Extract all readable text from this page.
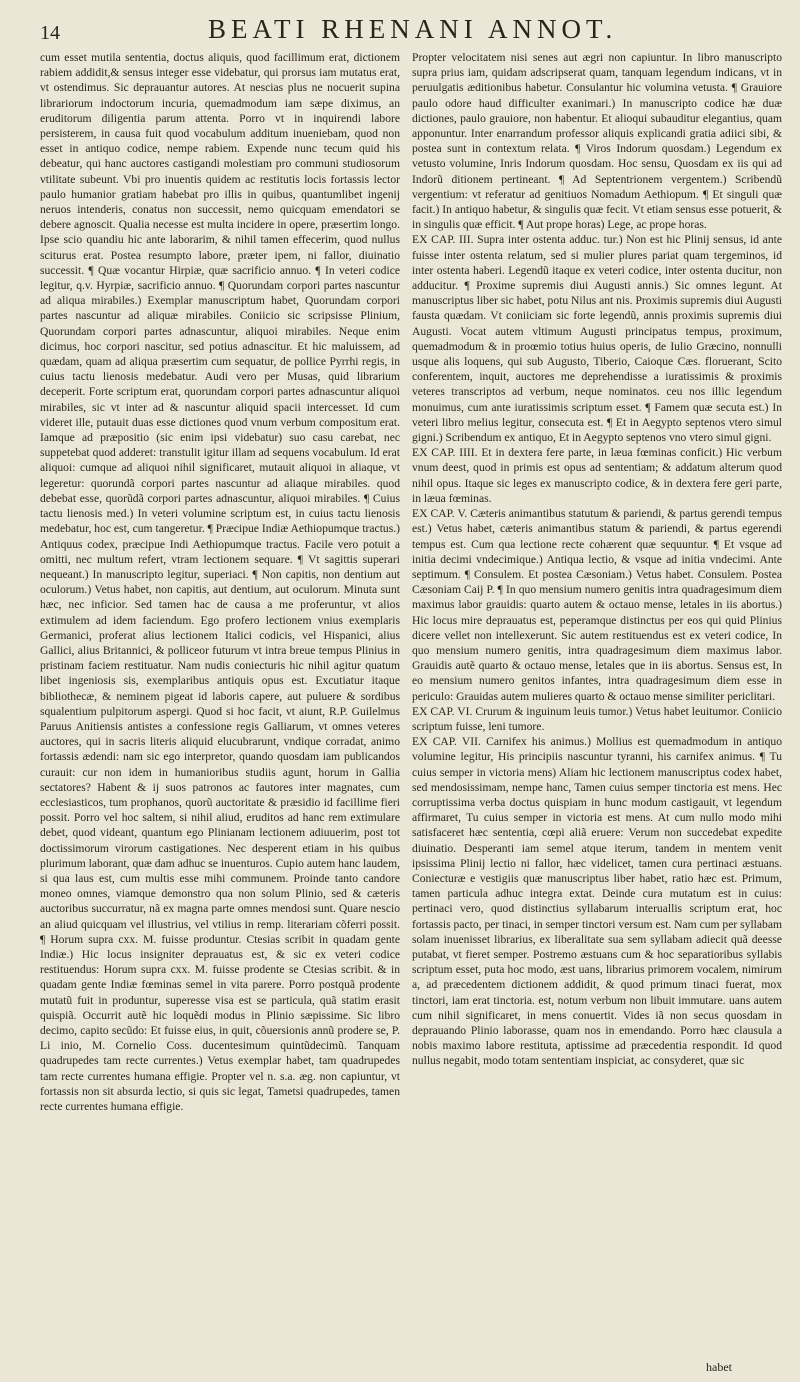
14	BEATI RHENANI ANNOT.

cum esset mutila sententia, doctus aliquis, quod facillimum erat, dictionem rabiem addidit,& sensus integer esse videbatur, qui prorsus iam mutatus erat, vt ostendimus. Sic deprauantur autores. At nescias plus ne nocuerit supina librariorum indoctorum incuria, quemadmodum iam sæpe diximus, an eruditorum diligentia parum attenta. Porro vt in inquirendi labore persisterem, in causa fuit quod vocabulum additum inueniebam, quod non esset in antiquo codice, nempe rabiem. Expende nunc tecum quid his debeatur, qui hanc auctores castigandi molestiam pro communi studiosorum vtilitate subeunt. Vbi pro inuentis quidem ac restitutis locis fortassis lector paulo humanior gratiam habebat pro illis in quibus, quantumlibet ingenij neruos intenderis, conatus non successit, nemo quicquam emendatori se debere agnoscit. Qualia necesse est multa incidere in opere, præsertim longo. Ipse scio quandiu hic ante laborarim, & nihil tamen effecerim, quod nullus sciturus erat. Postea resumpto labore, præter ipem, ni fallor, diuinatio successit. ¶ Quæ vocantur Hirpiæ, quæ sacrificio annuo. ¶ In veteri codice legitur, q.v. Hyrpiæ, sacrificio annuo. ¶ Quorundam corpori partes nascuntur ad aliqua mirabiles.) Exemplar manuscriptum habet, Quorundam corpori partes nascuntur ad aliquæ mirabiles. Coniicio sic scripsisse Plinium, Quorundam corpori partes adnascuntur, aliquoi mirabiles. Neque enim dicimus, hoc corpori nascitur, sed potius adnascitur. Et hic maluissem, ad quædam, quam ad aliqua præsertim cum sequatur, de pollice Pyrrhi regis, in cuius tactu lienosis medebatur. Audi vero per Musas, quid librarium deceperit. Forte scriptum erat, quorundam corpori partes adnascuntur aliquoi mirabiles, sic vt inter ad & nascuntur aliquid spacii intercesset. Id cum videret ille, putauit duas esse dictiones quod vnum verbum compositum erat. Iamque ad præpositio (sic enim ipsi videbatur) suo casu carebat, nec suppetebat quod adderet: transtulit igitur illam ad sequens vocabulum. Id erat aliquoi: cumque ad aliquoi nihil significaret, mutauit aliquoi in aliaque, vt legeretur: quorundã corpori partes nascuntur ad aliaque mirabiles. quod debebat esse, quorũdã corpori partes adnascuntur, aliquoi mirabiles. ¶ Cuius tactu lienosis med.) In veteri volumine scriptum est, in cuius tactu lienosis medebatur, hoc est, cum tangeretur. ¶ Præcipue Indiæ Aethiopumque tractus.) Antiquus codex, præcipue Indi Aethiopumque tractus. Facile vero potuit a omitti, nec multum refert, vtram lectionem sequare. ¶ Vt sagittis superari nequeant.) In manuscripto legitur, superiaci. ¶ Non capitis, non dentium aut oculorum.) Vetus habet, non capitis, aut dentium, aut oculorum. Minuta sunt hæc, nec inficior. Sed tamen hac de causa a me proferuntur, vt alios extimulem ad idem faciendum. Ego profero lectionem vnius exemplaris Germanici, proferat alius lectionem Italici codicis, vel Hispanici, alius Gallici, alius Britannici, & polliceor futurum vt intra breue tempus Plinius in pristinam faciem restituatur. Nam nudis coniecturis hic nihil agitur quatum libet ingeniosis sis, exemplaribus antiquis opus est. Excutiatur itaque bibliothecæ, & neminem pigeat id laboris capere, aut puluere & sordibus squalentium pulpitorum aspergi. Quod si hoc facit, vt aiunt, R.P. Guilelmus Paruus Anitiensis antistes a confessione regis Galliarum, vt omnes veteres auctores, qui in sacris literis aliquid elucubrarunt, vndique corradat, animo fortassis ædendi: nam sic ego interpretor, quando quosdam iam publicandos curauit: cur non idem in humanioribus studiis agunt, horum in Gallia sectatores? Habent & ij suos patronos ac fautores inter magnates, cum ecclesiasticos, tum prophanos, quorũ auctoritate & præsidio id facillime fieri possit. Porro vel hoc saltem, si nihil aliud, eruditos ad hanc rem extimulare debet, quod videant, quantum ego Plinianam lectionem adiuuerim, post tot doctissimorum virorum castigationes. Nec desperent etiam in his quibus plurimum laborant, quæ dam adhuc se inuenturos. Cupio autem hanc laudem, si qua laus est, cum multis esse mihi communem. Proinde tanto candore moneo omnes, viamque demonstro qua non solum Plinio, sed & cæteris auctoribus succurratur, nã ex magna parte omnes mendosi sunt. Quare nescio an aliud quicquam vel illustrius, vel vtilius in remp. literariam cõferri possit. ¶ Horum supra cxx. M. fuisse produntur. Ctesias scribit in quadam gente Indiæ.) Hic locus insigniter deprauatus est, & sic ex veteri codice restituendus: Horum supra cxx. M. fuisse prodente se Ctesias scribit. & in quadam gente Indiæ fœminas semel in vita parere. Porro postquã prodente mutatũ fuit in produntur, superesse visa est se particula, quã statim erasit quispiã. Occurrit autẽ hic loquẽdi modus in Plinio sæpissime. Sic libro decimo, capito secũdo: Et fuisse eius, in quit, cõuersionis annũ prodere se, P. Li inio, M. Cornelio Coss. ducentesimum quintũdecimũ. Tanquam quadrupedes tam recte currentes.) Vetus exemplar habet, tam quadrupedes tam recte currentes humana effigie. Propter vel n. s.a. æg. non capiuntur, vt fortassis non sit absurda lectio, si quis sic legat, Tametsi quadrupedes, tamen recte currentes humana effigie.

Propter velocitatem nisi senes aut ægri non capiuntur. In libro manuscripto supra prius iam, quidam adscripserat quam, tanquam legendum indicans, vt in peruulgatis æditionibus habetur. Consulantur hic volumina vetusta. ¶ Grauiore paulo odore haud difficulter exanimari.) In manuscripto codice hæ duæ dictiones, paulo grauiore, non habentur. Et alioqui subauditur elegantius, quam apponuntur. Inter enarrandum professor aliquis explicandi gratia adiici sibi, & postea sunt in contextum relata. ¶ Viros Indorum quosdam.) Legendum ex vetusto volumine, Inris Indorum quosdam. Hoc sensu, Quosdam ex iis qui ad Indorũ ditionem pertineant. ¶ Ad Septentrionem vergentem.) Scribendũ vergentium: vt referatur ad genitiuos Nomadum Aethiopum. ¶ Et singuli quæ facit.) In antiquo habetur, & singulis quæ fecit. Vt etiam sensus esse potuerit, & in singulis quæ efficit. ¶ Aut prope horas) Lege, ac prope horas.

EX CAP. III. Supra inter ostenta adduc. tur.) Non est hic Plinij sensus, id ante fuisse inter ostenta relatum, sed si mulier plures pariat quam tergeminos, id inter ostenta haberi. Legendũ itaque ex veteri codice, inter ostenta ducitur, non adducitur. ¶ Proxime supremis diui Augusti annis.) Sic omnes legunt. At manuscriptus liber sic habet, potu Nilus ant nis. Proximis supremis diui Augusti fausta quædam. Vt coniiciam sic forte legendũ, annis proximis supremis diui Augusti. Vocat autem vltimum Augusti principatus tempus, proximum, quemadmodum & in proœmio totius huius operis, de Iulio Græcino, nonnulli usque alis loquens, qui sub Augusto, Tiberio, Caioque Cæs. floruerant, Scito conferentem, inquit, auctores me deprehendisse a iuratissimis & proximis veteres transcriptos ad verbum, neque nominatos. ceu nos illic legendum monuimus, cum ante iuratissimis scriptum esset. ¶ Famem quæ secuta est.) In veteri libro melius legitur, consecuta est. ¶ Et in Aegypto septenos vtero simul gigni.) Scribendum ex antiquo, Et in Aegypto septenos vno vtero simul gigni.

EX CAP. IIII. Et in dextera fere parte, in læua fœminas conficit.) Hic verbum vnum deest, quod in primis est opus ad sententiam; & addatum alterum quod nihil opus. Itaque sic leges ex manuscripto codice, & in dextera fere geri parte, in læua fœminas.

EX CAP. V. Cæteris animantibus statutum & pariendi, & partus gerendi tempus est.) Vetus habet, cæteris animantibus statum & pariendi, & partus egerendi tempus est. Cum qua lectione recte cohærent quæ sequuntur. ¶ Et vsque ad initia decimi vndecimique.) Antiqua lectio, & vsque ad initia vndecimi. Ante septimum. ¶ Consulem. Et postea Cæsoniam.) Vetus habet. Consulem. Postea Cæsoniam Caij P. ¶ In quo mensium numero genitis intra quadragesimum diem maximus labor grauidis: quarto autem & octauo mense, letales in iis abortus.) Hic locus mire deprauatus est, peperamque distinctus per eos qui quid Plinius dicere vellet non intellexerunt. Sic autem restituendus est ex veteri codice, In quo mensium numero genitis, intra quadragesimum diem maximus labor. Grauidis autẽ quarto & octauo mense, letales que in iis abortus. Sensus est, In eo mensium numero genitos infantes, intra quadragesimum diem esse in periculo: Grauidas autem mulieres quarto & octauo mense similiter periclitari.

EX CAP. VI. Crurum & inguinum leuis tumor.) Vetus habet leuitumor. Coniicio scriptum fuisse, leni tumore.

EX CAP. VII. Carnifex his animus.) Mollius est quemadmodum in antiquo volumine legitur, His principiis nascuntur tyranni, his carnifex animus. ¶ Tu cuius semper in victoria mens) Aliam hic lectionem manuscriptus codex habet, sed mendosissimam, nempe hanc, Tamen cuius semper tinctoria est mens. Hec corruptissima verba doctus quispiam in hunc modum castigauit, vt legendum affirmaret, Tu cuius semper in victoria est mens. At cum nullo modo mihi satisfaceret hæc sententia, cœpi aliã eruere: Verum non succedebat expedite diuinatio. Desperanti iam semel atque iterum, tandem in mentem venit ipsissima Plinij lectio ni fallor, hæc videlicet, tamen cura pertinaci æstuans. Coniecturæ e vestigiis quæ manuscriptus liber habet, ratio hæc est. Primum, tamen particula adhuc integra extat. Deinde cura mutatum est in cuius: pertinaci vero, quod distinctius syllabarum interuallis scriptum erat, hoc fortassis pacto, per tinaci, in semper tinctori versum est. Nam cum per syllabam solam inuenisset librarius, ex liberalitate sua sem syllabam adiecit quã deesse putabat, vt fieret semper. Postremo æstuans cum & hoc separatioribus syllabis scriptum esset, puta hoc modo, æst uans, librarius primorem vocalem, nimirum a, ad præcedentem dictionem addidit, & quod primum tinaci fuerat, mox tinctori, iam erat tinctoria. est, notum verbum non libuit immutare. uans autem cum nihil significaret, in mens conuertit. Vides iã non secus quosdam in deprauando Plinio laborasse, quam nos in emendando. Porro hæc clausula a nobis maximo labore restituta, aptissime ad præcedentia respondit. Id quod nullus negabit, modo totam sententiam inspiciat, ac consyderet, quæ sic

habet
